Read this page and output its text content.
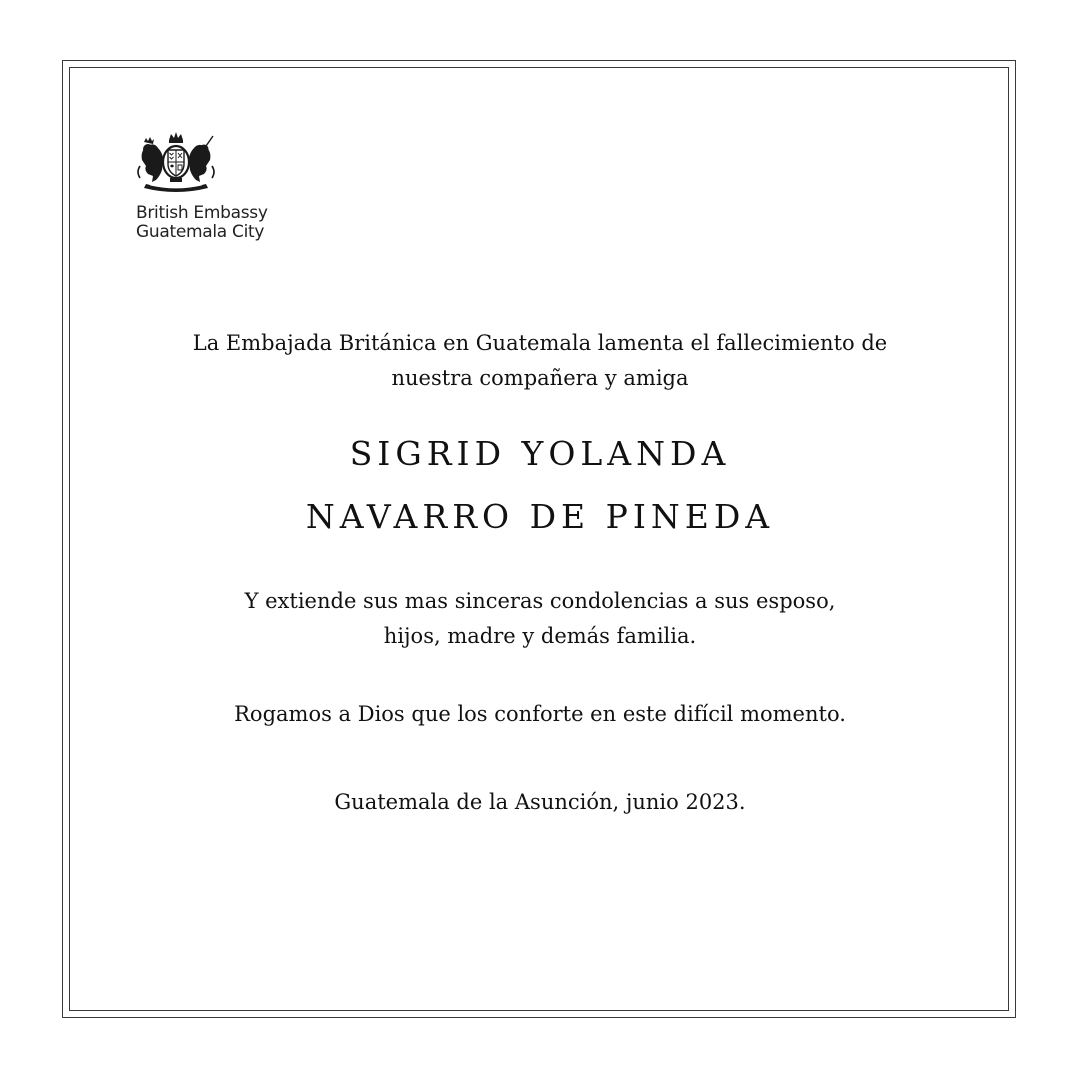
British Embassy
Guatemala City
La Embajada Británica en Guatemala lamenta el fallecimiento de
nuestra compañera y amiga
SIGRID YOLANDA
NAVARRO DE PINEDA
Y extiende sus mas sinceras condolencias a sus esposo,
hijos, madre y demás familia.
Rogamos a Dios que los conforte en este difícil momento.
Guatemala de la Asunción, junio 2023.
